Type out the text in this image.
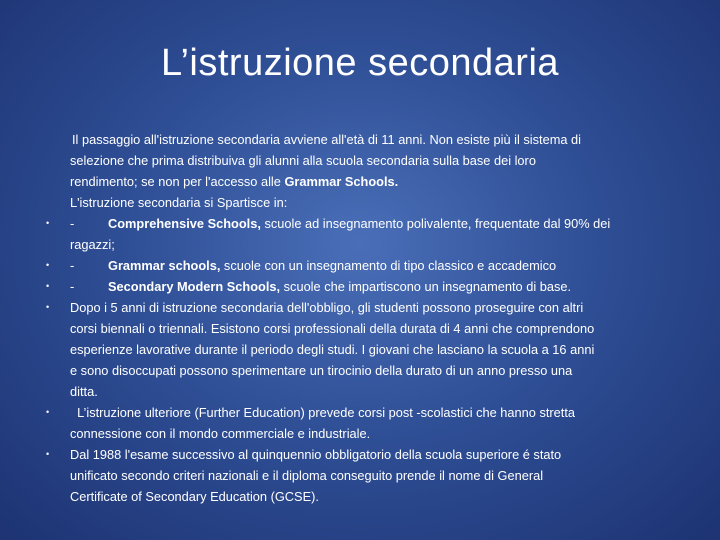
L’istruzione secondaria
•
•
•
•
•
•
Il passaggio all'istruzione secondaria avviene all'età di 11 anni. Non esiste più il sistema di
selezione che prima distribuiva gli alunni alla scuola secondaria sulla base dei loro
rendimento; se non per l'accesso alle Grammar Schools.
L'istruzione secondaria si Spartisce in:
-	Comprehensive Schools, scuole ad insegnamento polivalente, frequentate dal 90% dei
ragazzi;
-	Grammar schools, scuole con un insegnamento di tipo classico e accademico
-	Secondary Modern Schools, scuole che impartiscono un insegnamento di base.
Dopo i 5 anni di istruzione secondaria dell'obbligo, gli studenti possono proseguire con altri
corsi biennali o triennali. Esistono corsi professionali della durata di 4 anni che comprendono
esperienze lavorative durante il periodo degli studi. I giovani che lasciano la scuola a 16 anni
e sono disoccupati possono sperimentare un tirocinio della durato di un anno presso una
ditta.
L’istruzione ulteriore (Further Education) prevede corsi post -scolastici che hanno stretta
connessione con il mondo commerciale e industriale.
Dal 1988 l'esame successivo al quinquennio obbligatorio della scuola superiore é stato
unificato secondo criteri nazionali e il diploma conseguito prende il nome di General
Certificate of Secondary Education (GCSE).
